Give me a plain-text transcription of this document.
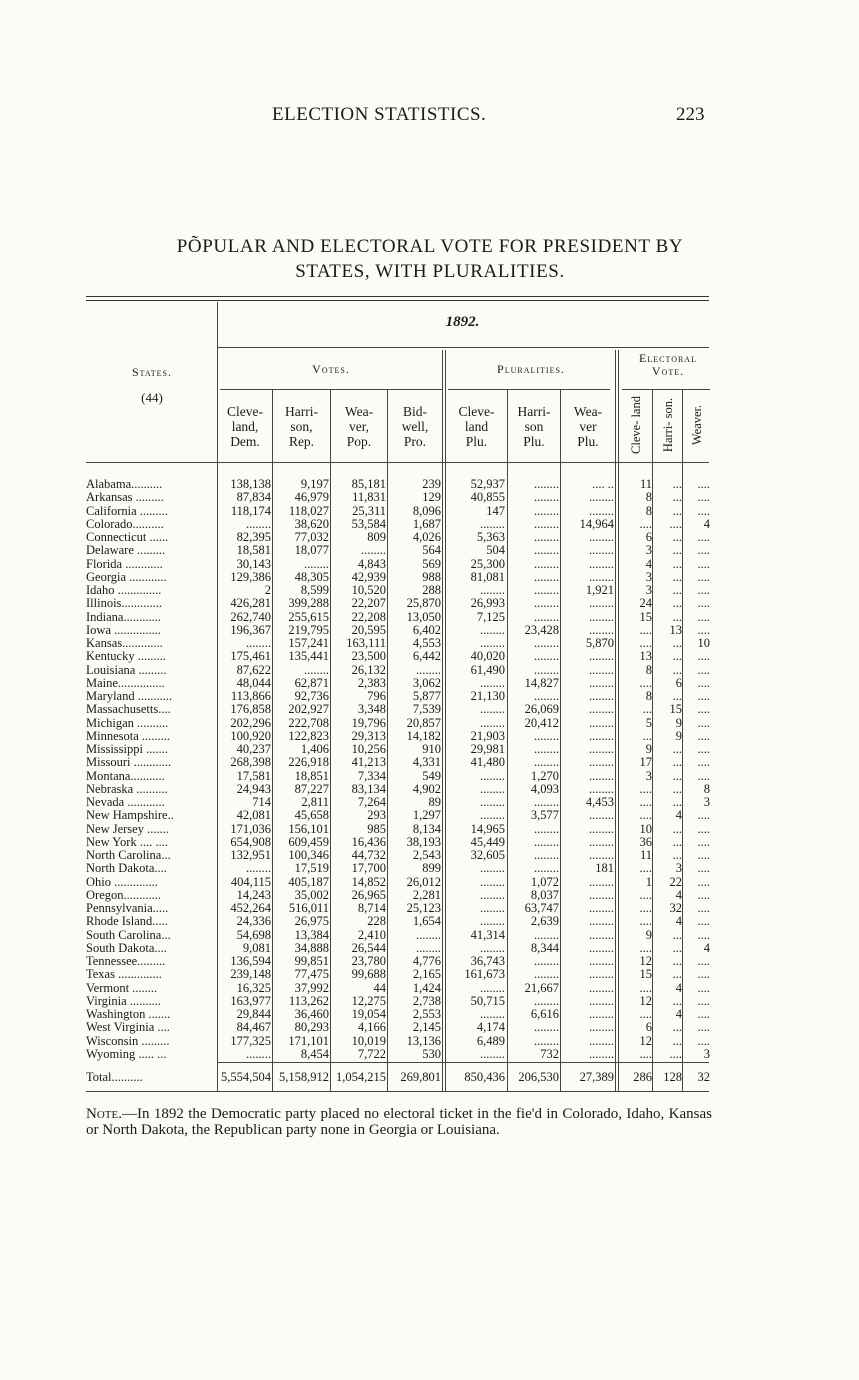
ELECTION STATISTICS.	223
PÕPULAR AND ELECTORAL VOTE FOR PRESIDENT BY
STATES, WITH PLURALITIES.
1892.
States.
(44)
Votes.	Pluralities.
Electoral
Vote.
Cleve-
land,
Dem.
Harri-
son,
Rep.
Wea-
ver,
Pop.
Bid-
well,
Pro.
Cleve-
land
Plu.
Harri-
son
Plu.
Wea-
ver
Plu.	Cleve- land Harri- son. Weaver.
Alabama..........	138,138	9,197	85,181	239	52,937	........	.... ..	11	...	....
Arkansas .........	87,834	46,979	11,831	129	40,855	........	........	8	...	....
California .........	118,174	118,027	25,311	8,096	147	........	........	8	...	....
Colorado..........	........	38,620	53,584	1,687	........	........	14,964	....	....	4
Connecticut ......	82,395	77,032	809	4,026	5,363	........	........	6	...	....
Delaware .........	18,581	18,077	........	564	504	........	........	3	...	....
Florida ............	30,143	........	4,843	569	25,300	........	........	4	...	....
Georgia ............	129,386	48,305	42,939	988	81,081	........	........	3	...	....
Idaho ..............	2	8,599	10,520	288	........	........	1,921	3	...	....
Illinois.............	426,281	399,288	22,207	25,870	26,993	........	........	24	...	....
Indiana............	262,740	255,615	22,208	13,050	7,125	........	........	15	...	....
Iowa ...............	196,367	219,795	20,595	6,402	........	23,428	........	....	13	....
Kansas.............	........	157,241	163,111	4,553	........	........	5,870	....	...	10
Kentucky .........	175,461	135,441	23,500	6,442	40,020	........	........	13	...	....
Louisiana .........	87,622	........	26,132	........	61,490	........	........	8	...	....
Maine...............	48,044	62,871	2,383	3,062	........	14,827	........	....	6	....
Maryland ...........	113,866	92,736	796	5,877	21,130	........	........	8	...	....
Massachusetts....	176,858	202,927	3,348	7,539	........	26,069	........	...	15	....
Michigan ..........	202,296	222,708	19,796	20,857	........	20,412	........	5	9	....
Minnesota .........	100,920	122,823	29,313	14,182	21,903	........	........	...	9	....
Mississippi .......	40,237	1,406	10,256	910	29,981	........	........	9	...	....
Missouri ............	268,398	226,918	41,213	4,331	41,480	........	........	17	...	....
Montana...........	17,581	18,851	7,334	549	........	1,270	........	3	...	....
Nebraska ..........	24,943	87,227	83,134	4,902	........	4,093	........	....	...	8
Nevada ............	714	2,811	7,264	89	........	........	4,453	....	...	3
New Hampshire..	42,081	45,658	293	1,297	........	3,577	........	....	4	....
New Jersey .......	171,036	156,101	985	8,134	14,965	........	........	10	...	....
New York .... ....	654,908	609,459	16,436	38,193	45,449	........	........	36	...	....
North Carolina...	132,951	100,346	44,732	2,543	32,605	........	........	11	...	....
North Dakota....	........	17,519	17,700	899	........	........	181	....	3	....
Ohio ..............	404,115	405,187	14,852	26,012	........	1,072	........	1	22	....
Oregon............	14,243	35,002	26,965	2,281	........	8,037	........	....	4	....
Pennsylvania.....	452,264	516,011	8,714	25,123	........	63,747	........	....	32	....
Rhode Island.....	24,336	26,975	228	1,654	........	2,639	........	....	4	....
South Carolina...	54,698	13,384	2,410	........	41,314	........	........	9	...	....
South Dakota....	9,081	34,888	26,544	........	........	8,344	........	....	...	4
Tennessee.........	136,594	99,851	23,780	4,776	36,743	........	........	12	...	....
Texas ..............	239,148	77,475	99,688	2,165	161,673	........	........	15	...	....
Vermont ........	16,325	37,992	44	1,424	........	21,667	........	....	4	....
Virginia ..........	163,977	113,262	12,275	2,738	50,715	........	........	12	...	....
Washington .......	29,844	36,460	19,054	2,553	........	6,616	........	....	4	....
West Virginia ....	84,467	80,293	4,166	2,145	4,174	........	........	6	...	....
Wisconsin .........	177,325	171,101	10,019	13,136	6,489	........	........	12	...	....
Wyoming ..... ...	........	8,454	7,722	530	........	732	........	....	....	3
Total..........	5,554,504 5,158,912 1,054,215	269,801	850,436	206,530	27,389	286 128	32
Note.—In 1892 the Democratic party placed no electoral ticket in the fie'd in Colorado, Idaho, Kansas or North Dakota, the Republican party none in Georgia or Louisiana.
